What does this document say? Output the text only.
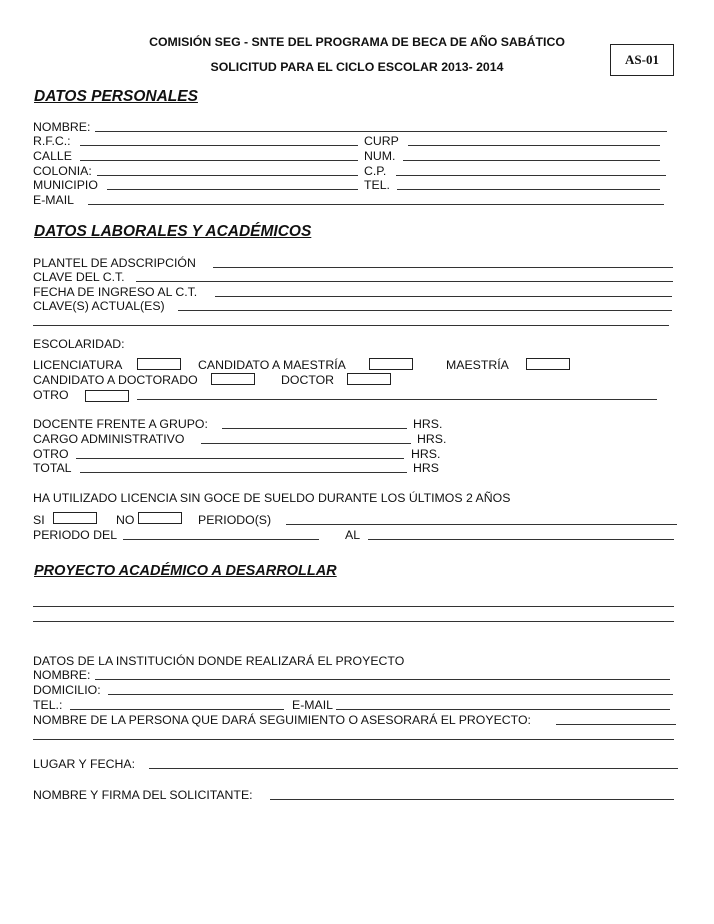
COMISIÓN SEG - SNTE DEL PROGRAMA DE BECA DE AÑO SABÁTICO
SOLICITUD PARA EL CICLO ESCOLAR 2013- 2014	AS-01
DATOS PERSONALES
NOMBRE:
R.F.C.:	CURP
CALLE	NUM.
COLONIA:	C.P.
MUNICIPIO	TEL.
E-MAIL
DATOS LABORALES Y ACADÉMICOS
PLANTEL DE ADSCRIPCIÓN
CLAVE DEL C.T.
FECHA DE INGRESO AL C.T.
CLAVE(S) ACTUAL(ES)
ESCOLARIDAD:
LICENCIATURA	CANDIDATO A MAESTRÍA	MAESTRÍA
CANDIDATO A DOCTORADO	DOCTOR
OTRO
DOCENTE FRENTE A GRUPO:	HRS.
CARGO ADMINISTRATIVO	HRS.
OTRO	HRS.
TOTAL	HRS
HA UTILIZADO LICENCIA SIN GOCE DE SUELDO DURANTE LOS ÚLTIMOS 2 AÑOS
SI	NO	PERIODO(S)
PERIODO DEL	AL
PROYECTO ACADÉMICO A DESARROLLAR
DATOS DE LA INSTITUCIÓN DONDE REALIZARÁ EL PROYECTO
NOMBRE:
DOMICILIO:
TEL.:	E-MAIL
NOMBRE DE LA PERSONA QUE DARÁ SEGUIMIENTO O ASESORARÁ EL PROYECTO:
LUGAR Y FECHA:
NOMBRE Y FIRMA DEL SOLICITANTE:
